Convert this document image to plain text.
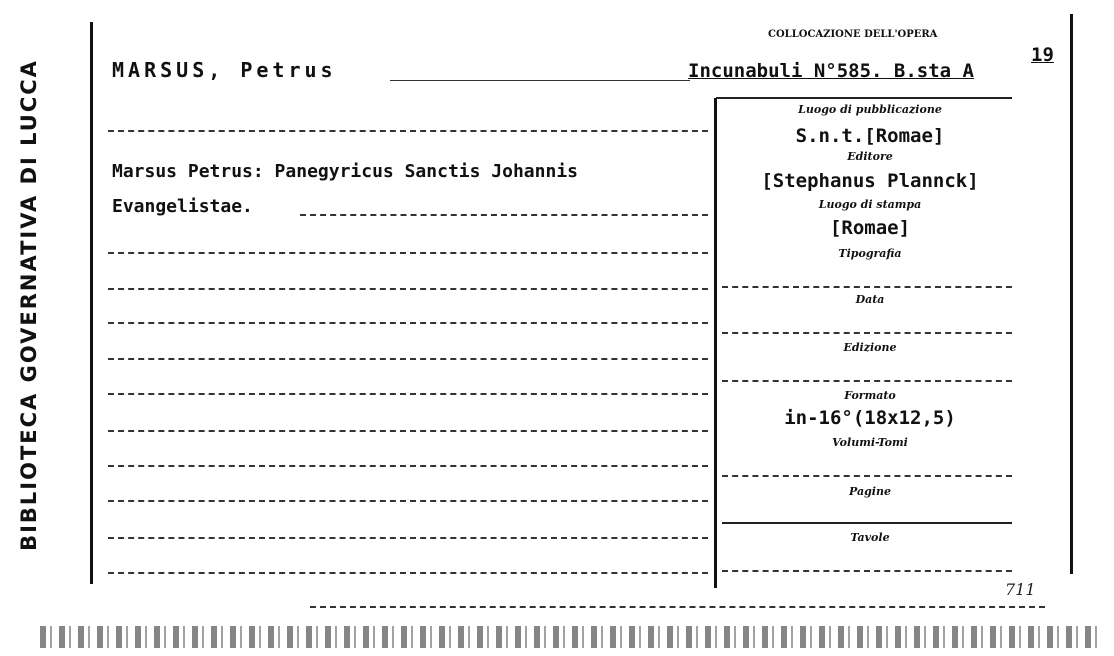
BIBLIOTECA GOVERNATIVA DI LUCCA
COLLOCAZIONE DELL'OPERA
MARSUS, Petrus	Incunabuli N°585. B.sta A
19
Marsus Petrus: Panegyricus Sanctis Johannis
Evangelistae.
Luogo di pubblicazione
S.n.t.[Romae]
Editore
[Stephanus Plannck]
Luogo di stampa
[Romae]
Tipografia
Data
Edizione
Formato
in-16°(18x12,5)
Volumi-Tomi
Pagine
Tavole
711
